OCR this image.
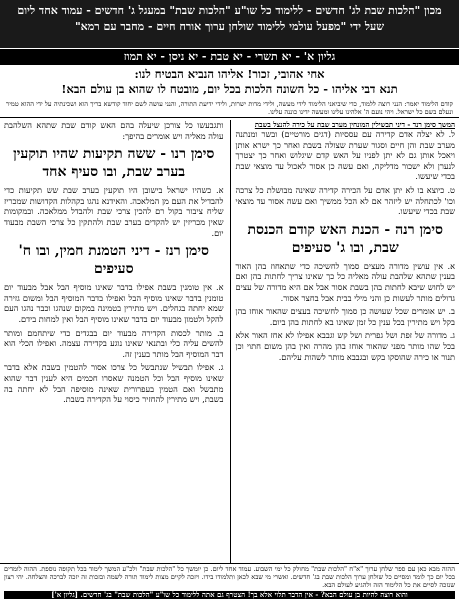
מכון "הלכות שבת לג' חדשים - ללימוד כל שו"ע "הלכות שבת" במעגל ג' חדשים - עמוד אחד ליום
שעל ידי "מפעל עולמי ללימוד שולחן ערוך אורח חיים - מחבר עם רמא"
גליון א' - יא תשרי - יא טבת - יא ניסן - יא תמוז
אחי אהובי, זכור! אליהו הנביא הבטיח לנו:
תנא דבי אליהו - כל השונה הלכות בכל יום, מובטח לו שהוא בן עולם הבא!
קודם הלימוד יאמר: הנני רוצה ללמוד, כדי שיביאני הלימוד לידי מעשה, ולידי מדות ישרות, ולידי ידיעת התורה, והנני עושה לשם יחוד קודשא בריך הוא ושכינתיה על ידי ההוא טמיר ונעלם בשם כל ישראל. ויהי נועם ה' אלהינו עלינו ומעשה ידינו כוננה עלינו.
המשך סימן רנד - דיני תבשילין המונחין מערב שבת על כירה להנצל בשבת
ל. לא יצלה אדם קדירה עם עססיות (דגים מורטיים) ובשר ומנתנה מערב שבת והן חיים וסגור שערת שצולה בשבת ואחר כך ישרא אותן ויאכל אותן גם לא יתן לפניו על האש קדם שיגלוש ואחר כך יצטרך לנערן ולא ישכור מדליקה, ואם עשה כן אסור לאכול עד מוצאי שבת בכדי שיעשו.
ט. כיוצא בו לא יתן אדם על הכירה קדירה שאינה מבושלת כל צרכה וכו' לכתחלה יש ליזהר אם לא הכל ממשיך ואם עשה אסור עד מוצאי שבת בכדי שיעשו.
סימן רנה - הכנת האש קודם הכנסת שבת, ובו ג' סעיפים
א. אין עושין מדורה מעצים סמוך לחשיכה כדי שתאחוז בהן האור בענין שתהא שלהבת עולה מאליה כל כך שאינו צריך לחתות בהן ואם יש לחוש שיבא לחתות בהן בשבת אסור אבל אם היא מדורה של עצים גדולים מותר לעשות כן והני מילי בבית אבל בחצר אסור.
ב. יש אומרים שכל שעושה כן סמוך לחשיכה בעצים שהאור אוחז בהן בקל ויש מתירין בכל ענין כל זמן שאינו בא לחתות בהן ביום.
ג. מדורה של זפת ושל גפרית ושל קש וגבבא אפילו לא אחז האור אלא בכל שהו מותר מפני שהאור אוחז בהן מהרה ואין בהן משום חתוי וכן תנור או כירה שהוסקו בקש ובגבבא מותר לשהות עליהם.
ותגבעשו כל צורכן שיעלה בהם האש קודם שבת שתהא השלהבת עולה מאליה ויש אומרים בהיפך:
סימן רנו - ששה תקיעות שהיו תוקעין בערב שבת, ובו סעיף אחד
א. כשהיו ישראל בישובן היו תוקעין בערב שבת שש תקיעות כדי להבדיל את העם מן המלאכה. והאידנא נהגו בקהלות הקדושות שמכריז שליח ציבור בקול רם להכין צרכי שבת ולהבדל ממלאכה. ובמקומות שאין מכריזין יש להקדים בערב שבת ולהתקין כל צרכי השבת מבעוד יום.
סימן רנז - דיני הטמנת חמין, ובו ח' סעיפים
א. אין טומנין בשבת אפילו בדבר שאינו מוסיף הבל אבל מבעוד יום טומנין בדבר שאינו מוסיף הבל ואפילו בדבר המוסיף הבל ומשום גזירה שמא יחתה בגחלים. ויש מתירין בטמינה במקום שנהגו וכבר נהגו העם להקל ולטמון מבעוד יום בדבר שאינו מוסיף הבל ואין למחות בידם.
ב. מותר לכסות הקדירה מבעוד יום בבגדים כדי שיתחמם ומותר להשים עליה כלי ובתנאי שאינו נוגע בקדירה עצמה. ואפילו הכלי הוא דבר המוסיף הבל מותר בענין זה.
ג. אפילו תבשיל שנתבשל כל צרכו אסור להטמין בשבת אלא בדבר שאינו מוסיף הבל וכל הטמנה שאסרו חכמים היא לענין דבר שהוא מתבשל ואם הטמין בעפרורית שאינה מוסיפה הבל לא יחתה בה בשבת, ויש מתירין להחזיר כיסוי על הקדירה בשבת.
ההוה מבא כאן עם ספר שלחן ערוך "א"ח "הלכות שבת" מחולק כל ימי השבוע. עמוד אחד ליום. כן יומשך כל "הלכות שבת" ולכ"ע המשך לימוד בכל תקופה נוספת. ההוה לומדים בכל יום כך לומד ומסיים כל שולחן ערוך הלכות שבת בג' חדשים. ואשרי מי שבא לכאן ותלמודו בידו. ויזכה לקיים מצות לימוד תורה לשמה ובזכות זה יזכה לברכה והצלחה. יהי רצון שנזכה לסיים את כל הלימוד הזה ולהגיע לעולם הבא.
והוא רוצה להיות בן עולם הבא? - אין הדבר תלוי אלא בך! הצטרף גם אתה ללימוד כל שו"ע "הלכות שבת" בג' חדשים. [גליון א']
